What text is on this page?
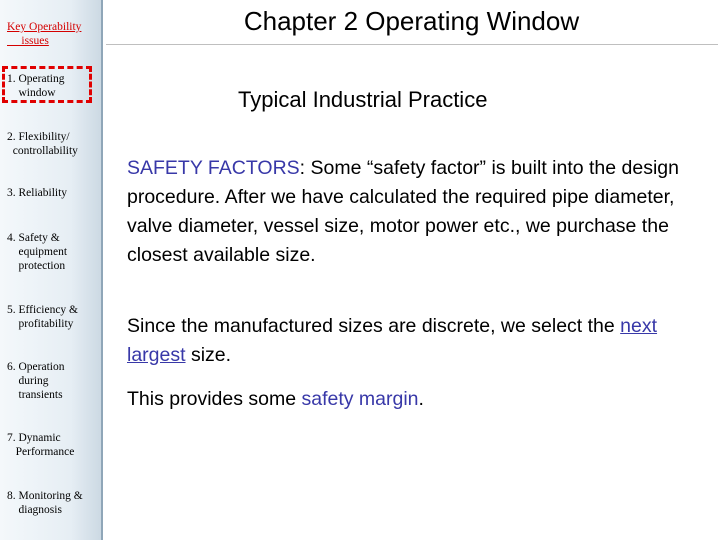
Key Operability
issues
1. Operating
window
2. Flexibility/
controllability
3. Reliability
4. Safety &
equipment
protection
5. Efficiency &
profitability
6. Operation
during
transients
7. Dynamic
Performance
8. Monitoring &
diagnosis
Chapter 2 Operating Window
Typical Industrial Practice
SAFETY FACTORS: Some “safety factor” is built into the design procedure. After we have calculated the required pipe diameter, valve diameter, vessel size, motor power etc., we purchase the closest available size.
Since the manufactured sizes are discrete, we select the next largest size.
This provides some safety margin.
